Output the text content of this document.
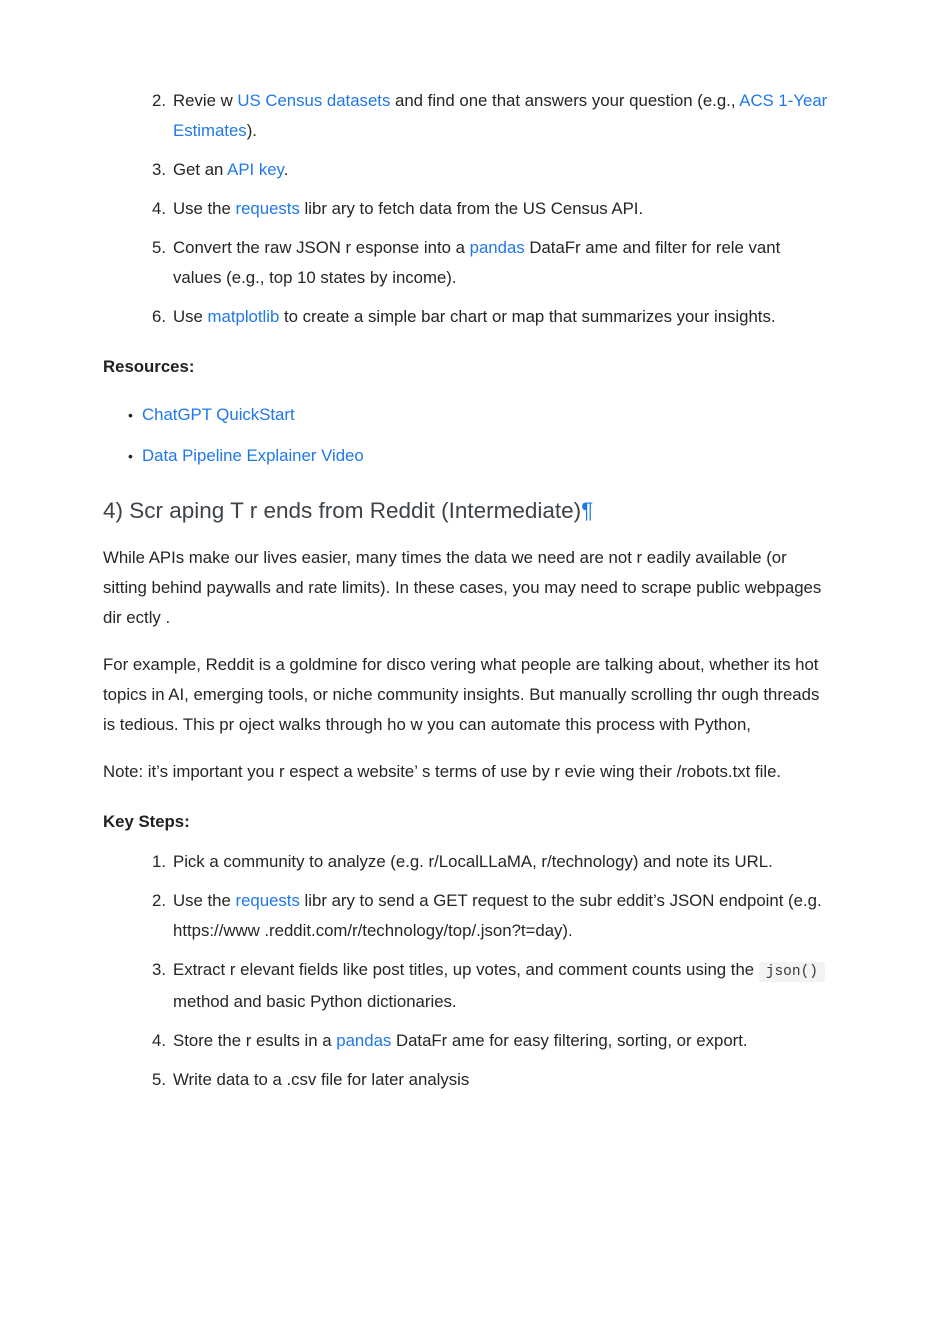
2. Revie w US Census datasets and find one that answers your question (e.g., ACS 1-Year Estimates).
3. Get an API key.
4. Use the requests libr ary to fetch data from the US Census API.
5. Convert the raw JSON r esponse into a pandas DataFr ame and filter for rele vant values (e.g., top 10 states by income).
6. Use matplotlib to create a simple bar chart or map that summarizes your insights.

Resources:

• ChatGPT QuickStart
• Data Pipeline Explainer Video
4) Scr aping T r ends from Reddit (Intermediate)¶

While APIs make our lives easier, many times the data we need are not r eadily available (or sitting behind paywalls and rate limits). In these cases, you may need to scrape public webpages dir ectly .

For example, Reddit is a goldmine for disco vering what people are talking about, whether its hot topics in AI, emerging tools, or niche community insights. But manually scrolling thr ough threads is tedious. This pr oject walks through ho w you can automate this process with Python,

Note: it’s important you r espect a website’ s terms of use by r evie wing their /robots.txt file.

Key Steps:

1. Pick a community to analyze (e.g. r/LocalLLaMA, r/technology) and note its URL.
2. Use the requests libr ary to send a GET request to the subr eddit’s JSON endpoint (e.g. https://www .reddit.com/r/technology/top/.json?t=day).
3. Extract r elevant fields like post titles, up votes, and comment counts using the json() method and basic Python dictionaries.
4. Store the r esults in a pandas DataFr ame for easy filtering, sorting, or export.
5. Write data to a .csv file for later analysis
